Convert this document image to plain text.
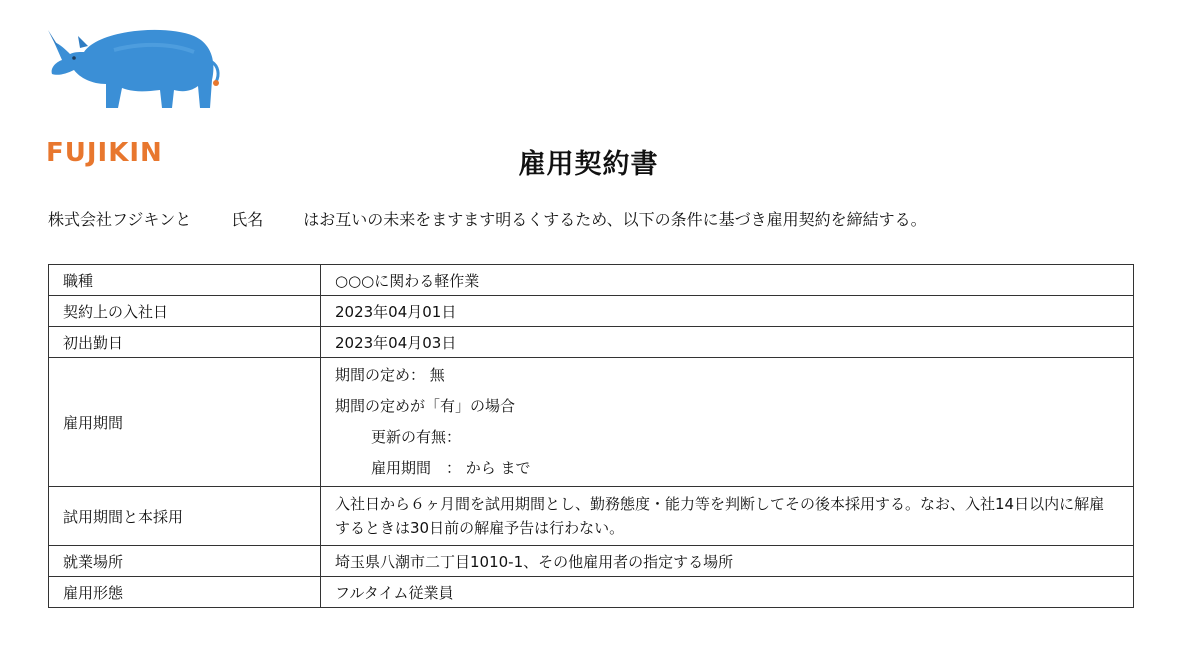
FUJIKIN	雇用契約書
株式会社フジキンと	氏名	はお互いの未来をますます明るくするため、以下の条件に基づき雇用契約を締結する。
職種	○○○に関わる軽作業
契約上の入社日	2023年04月01日
初出勤日	2023年04月03日
雇用期間	期間の定め： 無
期間の定めが「有」の場合
更新の有無：
雇用期間　： から まで

試用期間と本採用	入社日から６ヶ月間を試用期間とし、勤務態度・能力等を判断してその後本採用する。なお、入社14日以内に解雇するときは30日前の解雇予告は行わない。

就業場所	埼玉県八潮市二丁目1010-1、その他雇用者の指定する場所
雇用形態	フルタイム従業員
